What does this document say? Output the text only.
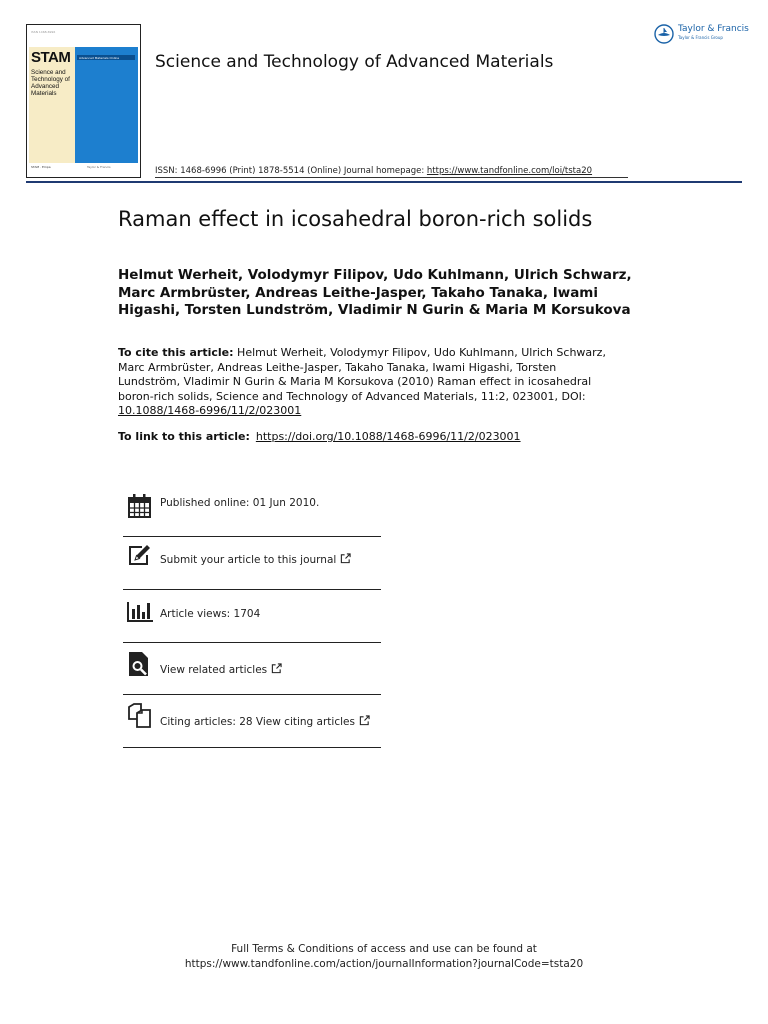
ISSN 1468-6996
Science and Technology
Advanced Materials Online
STAM
Science and Technology of Advanced Materials
STAM · Empa	Taylor & Francis
Science and Technology of Advanced Materials
Taylor & Francis
Taylor & Francis Group
ISSN: 1468-6996 (Print) 1878-5514 (Online) Journal homepage: https://www.tandfonline.com/loi/tsta20
Raman effect in icosahedral boron-rich solids
Helmut Werheit, Volodymyr Filipov, Udo Kuhlmann, Ulrich Schwarz, Marc Armbrüster, Andreas Leithe-Jasper, Takaho Tanaka, Iwami Higashi, Torsten Lundström, Vladimir N Gurin & Maria M Korsukova
To cite this article: Helmut Werheit, Volodymyr Filipov, Udo Kuhlmann, Ulrich Schwarz, Marc Armbrüster, Andreas Leithe-Jasper, Takaho Tanaka, Iwami Higashi, Torsten Lundström, Vladimir N Gurin & Maria M Korsukova (2010) Raman effect in icosahedral boron-rich solids, Science and Technology of Advanced Materials, 11:2, 023001, DOI:
10.1088/1468-6996/11/2/023001
To link to this article: https://doi.org/10.1088/1468-6996/11/2/023001
Published online: 01 Jun 2010.
Submit your article to this journal
Article views: 1704
View related articles
Citing articles: 28 View citing articles
Full Terms & Conditions of access and use can be found at
https://www.tandfonline.com/action/journalInformation?journalCode=tsta20
